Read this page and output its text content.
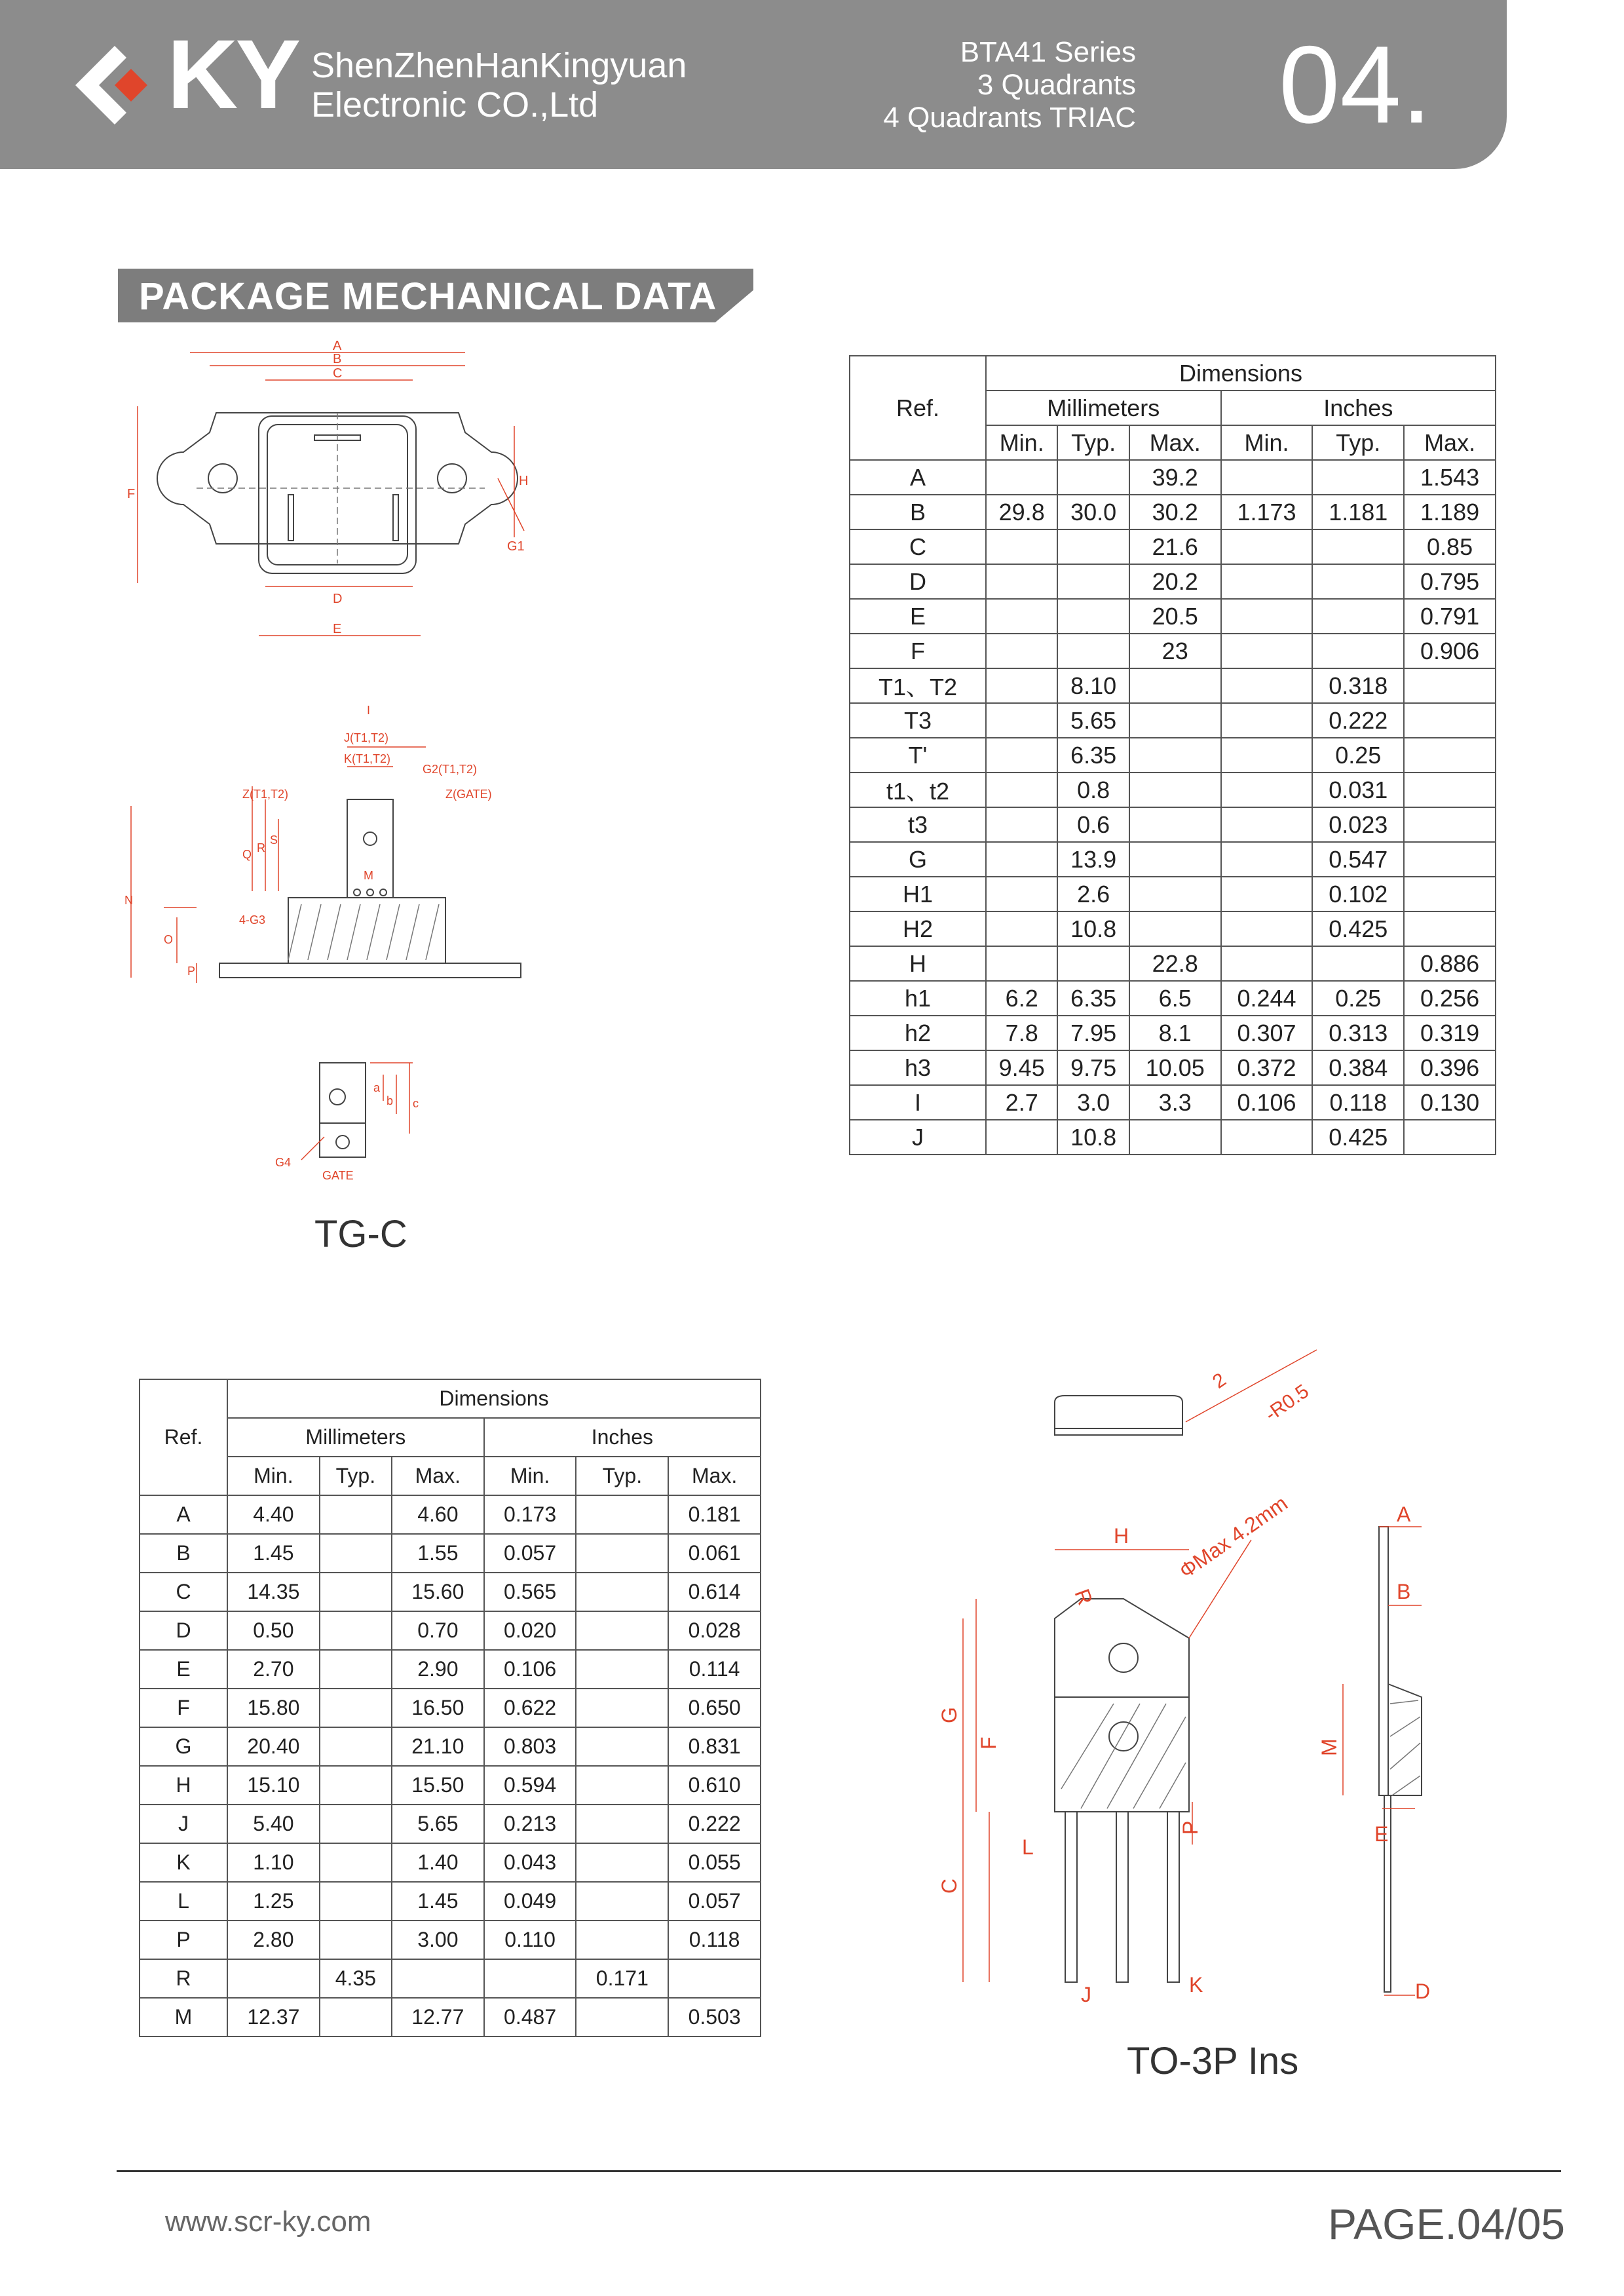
KY ShenZhenHanKingyuan
Electronic CO.,Ltd
BTA41 Series
3 Quadrants
4 Quadrants TRIAC 04.
PACKAGE MECHANICAL DATA
A
B
C
D
E
F
H
G1
J(T1,T2)
K(T1,T2)
G2(T1,T2)
Z(T1,T2)	Z(GATE)
Q R
S
M
N
O
P
4-G3
I
a
b c
G4
GATE
TG-C
Ref.	Dimensions					
	Millimeters			Inches		
	Min.	Typ.	Max.	Min.	Typ.	Max.
A			39.2			1.543
B	29.8	30.0	30.2	1.173	1.181	1.189
C			21.6			0.85
D			20.2			0.795
E			20.5			0.791
F			23			0.906
T1、T2		8.10			0.318	
T3		5.65			0.222	
T'		6.35			0.25	
t1、t2		0.8			0.031	
t3		0.6			0.023	
G		13.9			0.547	
H1		2.6			0.102	
H2		10.8			0.425	
H			22.8			0.886
h1	6.2	6.35	6.5	0.244	0.25	0.256
h2	7.8	7.95	8.1	0.307	0.313	0.319
h3	9.45	9.75	10.05	0.372	0.384	0.396
I	2.7	3.0	3.3	0.106	0.118	0.130
J		10.8			0.425	
Ref.	Dimensions					
	Millimeters			Inches		
	Min.	Typ.	Max.	Min.	Typ.	Max.
A	4.40		4.60	0.173		0.181
B	1.45		1.55	0.057		0.061
C	14.35		15.60	0.565		0.614
D	0.50		0.70	0.020		0.028
E	2.70		2.90	0.106		0.114
F	15.80		16.50	0.622		0.650
G	20.40		21.10	0.803		0.831
H	15.10		15.50	0.594		0.610
J	5.40		5.65	0.213		0.222
K	1.10		1.40	0.043		0.055
L	1.25		1.45	0.049		0.057
P	2.80		3.00	0.110		0.118
R		4.35			0.171	
M	12.37		12.77	0.487		0.503
2 -R0.5
H ΦMax 4.2mm
R
G
F
C
L
P
J	K
A
B
M
E
D
TO-3P Ins
www.scr-ky.com	PAGE.04/05
